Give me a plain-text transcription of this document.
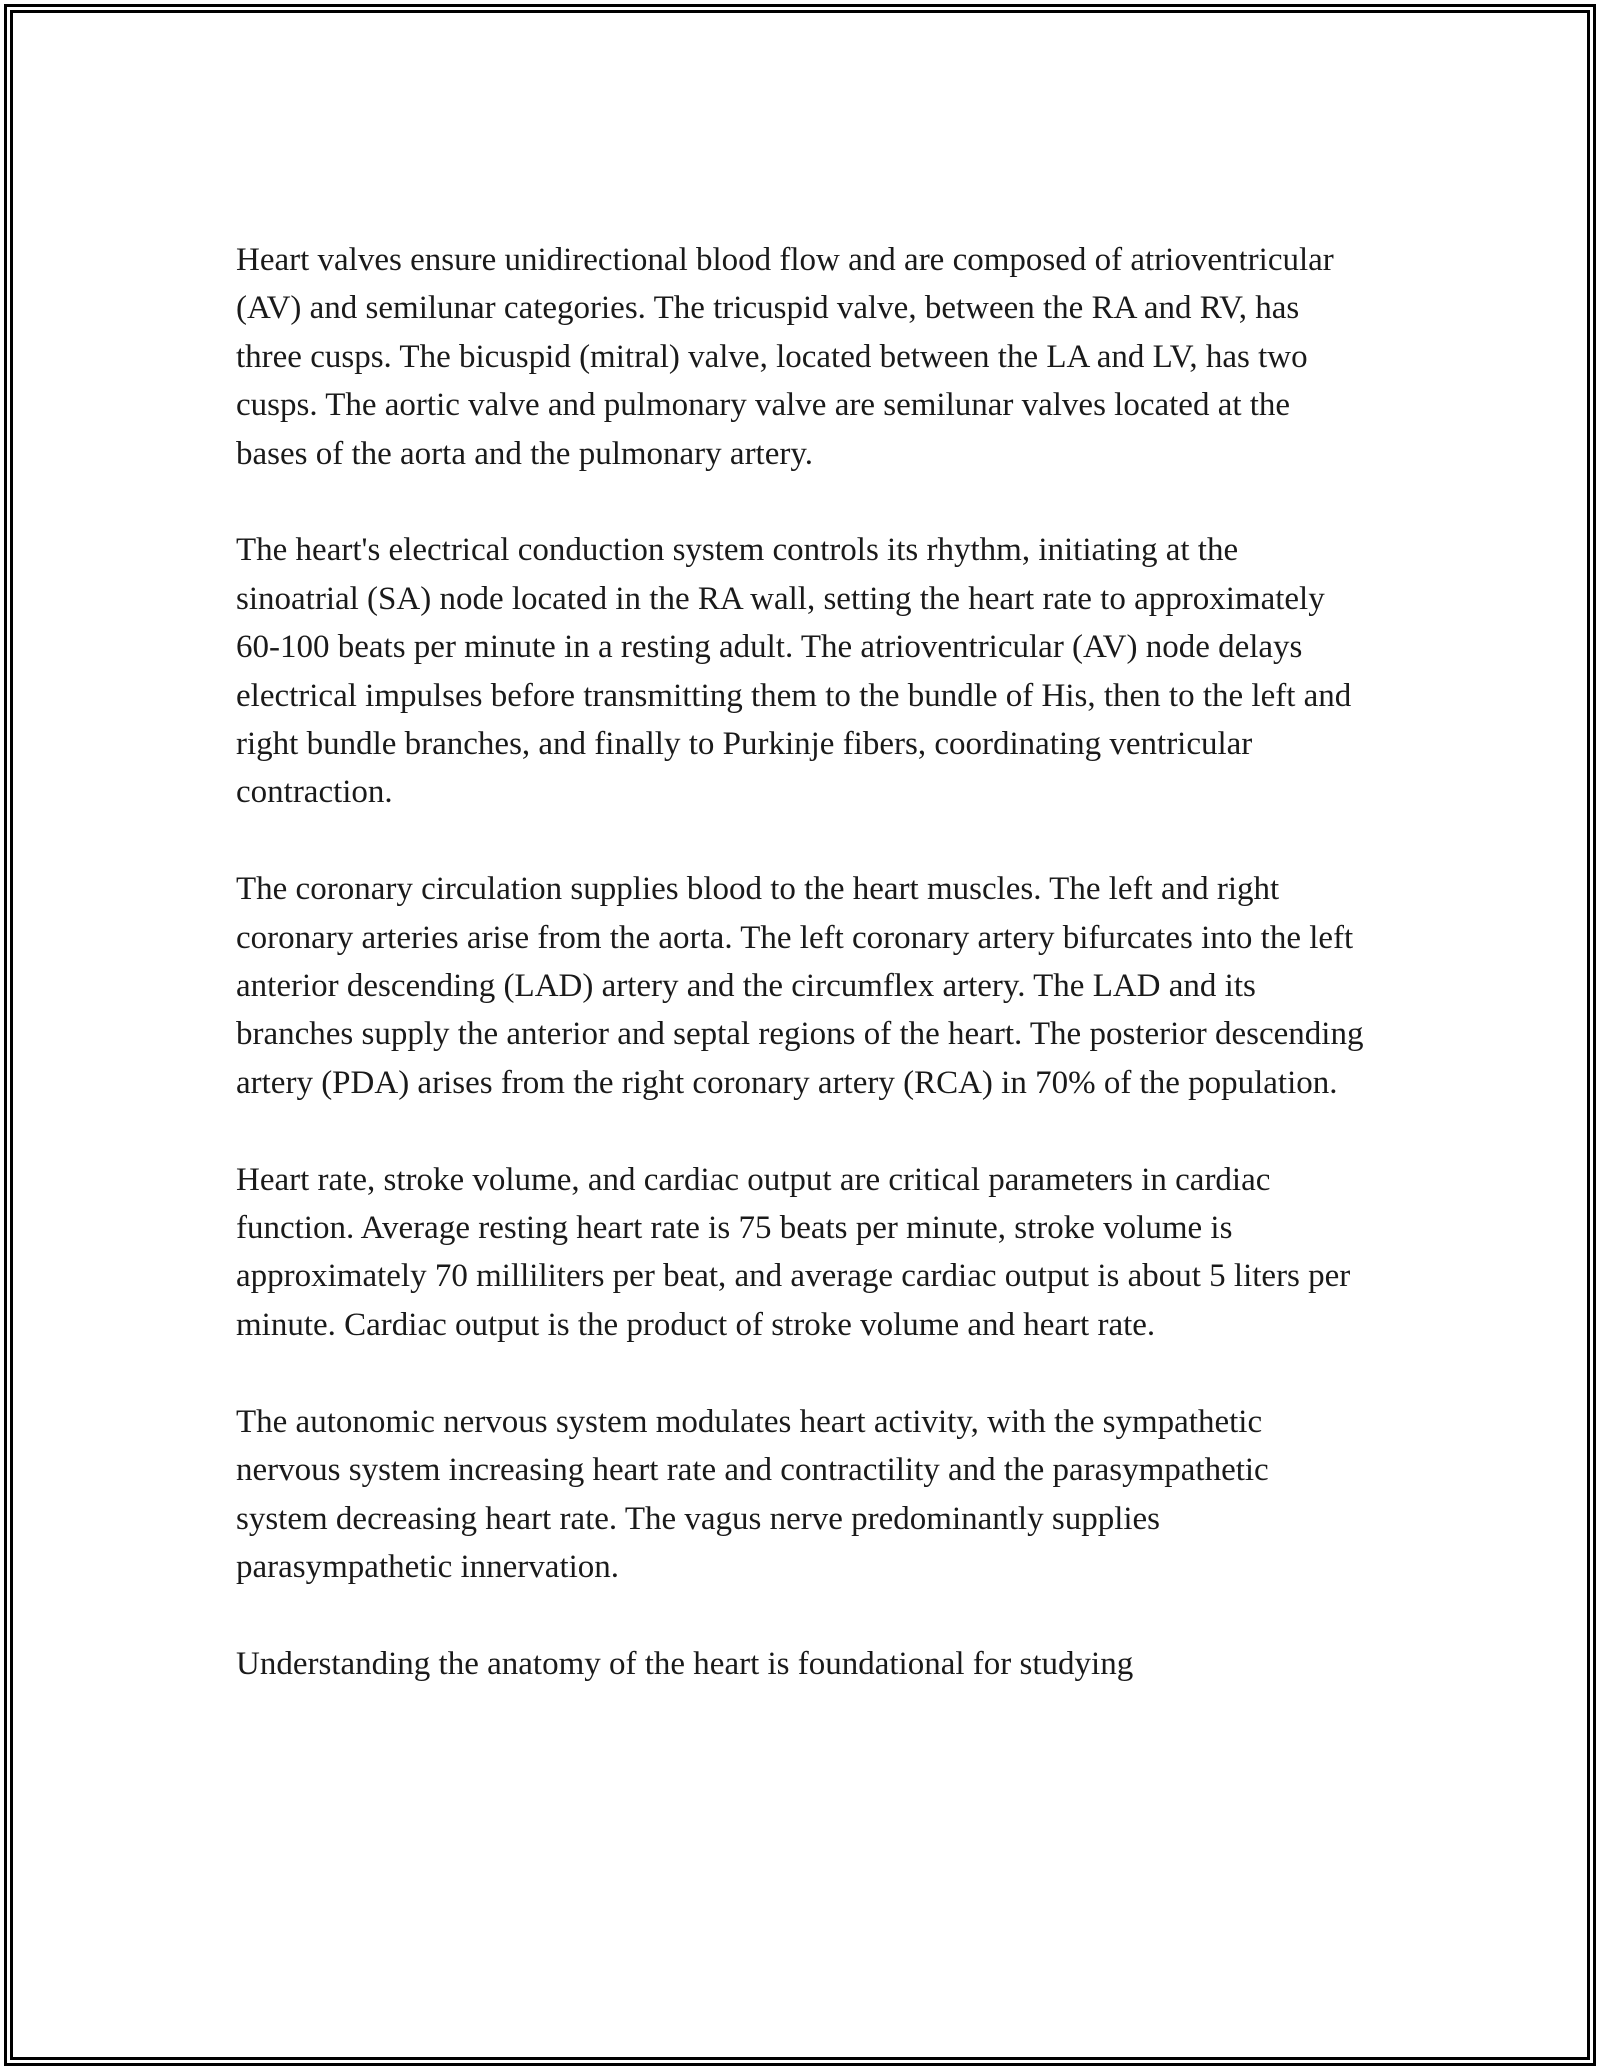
Heart valves ensure unidirectional blood flow and are composed of atrioventricular (AV) and semilunar categories. The tricuspid valve, between the RA and RV, has three cusps. The bicuspid (mitral) valve, located between the LA and LV, has two cusps. The aortic valve and pulmonary valve are semilunar valves located at the bases of the aorta and the pulmonary artery.

The heart's electrical conduction system controls its rhythm, initiating at the sinoatrial (SA) node located in the RA wall, setting the heart rate to approximately 60-100 beats per minute in a resting adult. The atrioventricular (AV) node delays electrical impulses before transmitting them to the bundle of His, then to the left and right bundle branches, and finally to Purkinje fibers, coordinating ventricular contraction.

The coronary circulation supplies blood to the heart muscles. The left and right coronary arteries arise from the aorta. The left coronary artery bifurcates into the left anterior descending (LAD) artery and the circumflex artery. The LAD and its branches supply the anterior and septal regions of the heart. The posterior descending artery (PDA) arises from the right coronary artery (RCA) in 70% of the population.

Heart rate, stroke volume, and cardiac output are critical parameters in cardiac function. Average resting heart rate is 75 beats per minute, stroke volume is approximately 70 milliliters per beat, and average cardiac output is about 5 liters per minute. Cardiac output is the product of stroke volume and heart rate.

The autonomic nervous system modulates heart activity, with the sympathetic nervous system increasing heart rate and contractility and the parasympathetic system decreasing heart rate. The vagus nerve predominantly supplies parasympathetic innervation.

Understanding the anatomy of the heart is foundational for studying
